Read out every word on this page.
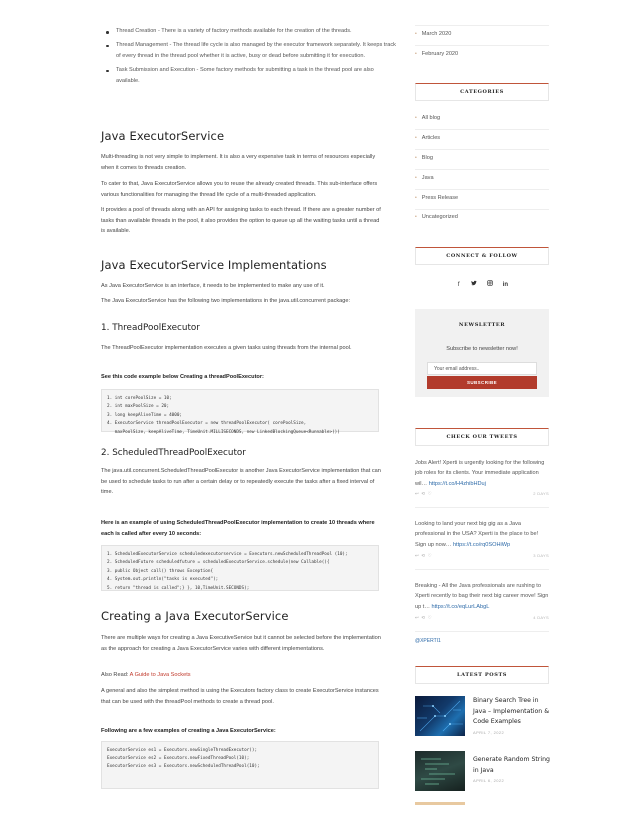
Thread Creation - There is a variety of factory methods available for the creation of the threads.
Thread Management - The thread life cycle is also managed by the executor framework separately. It keeps track of every thread in the thread pool whether it is active, busy or dead before submitting it for execution.
Task Submission and Execution - Some factory methods for submitting a task in the thread pool are also available.
Java ExecutorService

Multi-threading is not very simple to implement. It is also a very expensive task in terms of resources especially when it comes to threads creation.

To cater to that, Java ExecutorService allows you to reuse the already created threads. This sub-interface offers various functionalities for managing the thread life cycle of a multi-threaded application.

It provides a pool of threads along with an API for assigning tasks to each thread. If there are a greater number of tasks than available threads in the pool, it also provides the option to queue up all the waiting tasks until a thread is available.

Java ExecutorService Implementations

As Java ExecutorService is an interface, it needs to be implemented to make any use of it.

The Java ExecutorService has the following two implementations in the java.util.concurrent package:

1. ThreadPoolExecutor

The ThreadPoolExecutor implementation executes a given tasks using threads from the internal pool.

See this code example below Creating a threadPoolExecutor:

1. int corePoolSize = 10;
2. int maxPoolSize = 20;
3. long keepAliveTime = 4000;
4. ExecutorService threadPoolExecutor = new threadPoolExecutor( corePoolSize,
maxPoolSize, keepAliveTime, TimeUnit.MILLISECONDS, new LinkedBlockingQueue<Runnable>())
2. ScheduledThreadPoolExecutor

The java.util.concurrent.ScheduledThreadPoolExecutor is another Java ExecutorService implementation that can be used to schedule tasks to run after a certain delay or to repeatedly execute the tasks after a fixed interval of time.

Here is an example of using ScheduledThreadPoolExecutor implementation to create 10 threads where each is called after every 10 seconds:

1. ScheduledExecutorService scheduledexecutorservice = Executors.newScheduledThreadPool (10);
2. ScheduledFuture scheduledfuture = scheduledExecutorService.schedule(new Callable(){
3. public Object call() throws Exception{
4. System.out.println("tasks is executed");
5. return "thread is called";} }, 10,TimeUnit.SECONDS);
Creating a Java ExecutorService

There are multiple ways for creating a Java ExecutiveService but it cannot be selected before the implementation as the approach for creating a Java ExecutorService varies with different implementations.

Also Read: A Guide to Java Sockets

A general and also the simplest method is using the Executors factory class to create ExecutorService instances that can be used with the threadPool methods to create a thread pool.

Following are a few examples of creating a Java ExecutorService:

ExecutorService es1 = Executors.newSingleThreadExecutor();
ExecutorService es2 = Executors.newFixedThreadPool(10);
ExecutorService es3 = Executors.newScheduledThreadPool(10);
• March 2020
• February 2020
CATEGORIES
• All blog
• Articles
• Blog
• Java
• Press Release
• Uncategorized
CONNECT & FOLLOW
f	in
NEWSLETTER
Subscribe to newsletter now!
Your email address..
SUBSCRIBE
CHECK OUR TWEETS
Jobs Alert! Xperti is urgently looking for the following job roles for its clients. Your immediate application wil… https://t.co/H4zhibHDuj
↩ ⟲ ♡	2 DAYS
Looking to land your next big gig as a Java professional in the USA? Xperti is the place to be! Sign up now… https://t.co/rq0SOHiWp
↩ ⟲ ♡	3 DAYS
Breaking - All the Java professionals are rushing to Xperti recently to bag their next big career move! Sign up t… https://t.co/eqLurLAbgL
↩ ⟲ ♡	4 DAYS
@XPERTI1
LATEST POSTS
Binary Search Tree in Java – Implementation & Code Examples
APRIL 7, 2022
Generate Random String in Java
APRIL 6, 2022
